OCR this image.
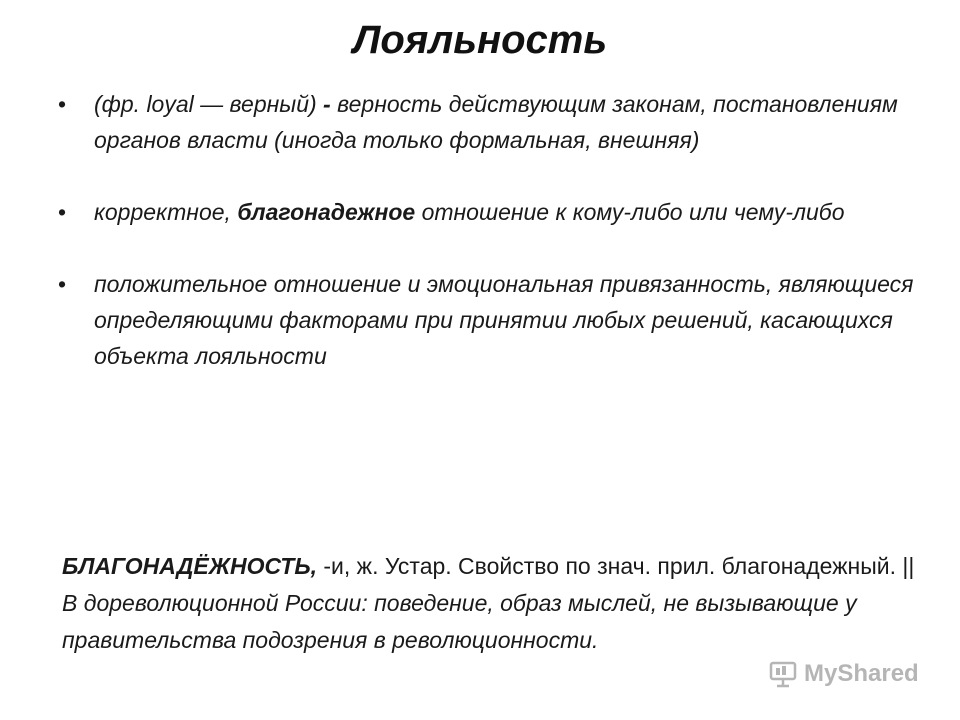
Лояльность
• (фр. loyal — верный) - верность действующим законам, постановлениям органов власти (иногда только формальная, внешняя)
• корректное, благонадежное отношение к кому-либо или чему-либо
• положительное отношение и эмоциональная привязанность, являющиеся определяющими факторами при принятии любых решений, касающихся объекта лояльности
БЛАГОНАДЁЖНОСТЬ, -и, ж. Устар. Свойство по знач. прил. благонадежный. || В дореволюционной России: поведение, образ мыслей, не вызывающие у правительства подозрения в революционности.
MyShared
